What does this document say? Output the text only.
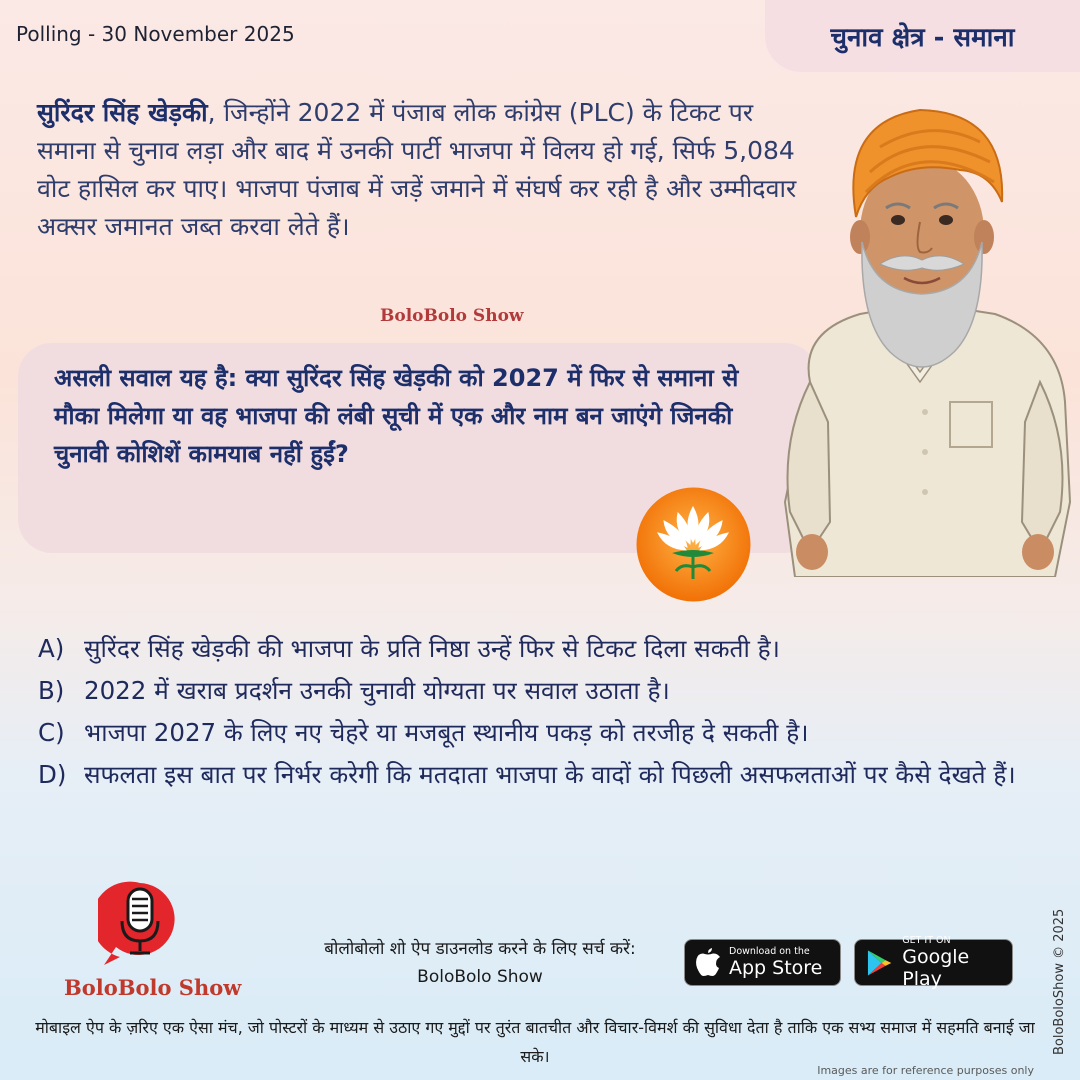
Polling - 30 November 2025	चुनाव क्षेत्र - समाना
सुरिंदर सिंह खेड़की, जिन्होंने 2022 में पंजाब लोक कांग्रेस (PLC) के टिकट पर समाना से चुनाव लड़ा और बाद में उनकी पार्टी भाजपा में विलय हो गई, सिर्फ 5,084 वोट हासिल कर पाए। भाजपा पंजाब में जड़ें जमाने में संघर्ष कर रही है और उम्मीदवार अक्सर जमानत जब्त करवा लेते हैं।
BoloBolo Show
असली सवाल यह है: क्या सुरिंदर सिंह खेड़की को 2027 में फिर से समाना से मौका मिलेगा या वह भाजपा की लंबी सूची में एक और नाम बन जाएंगे जिनकी चुनावी कोशिशें कामयाब नहीं हुईं?
A) सुरिंदर सिंह खेड़की की भाजपा के प्रति निष्ठा उन्हें फिर से टिकट दिला सकती है।
B) 2022 में खराब प्रदर्शन उनकी चुनावी योग्यता पर सवाल उठाता है।
C) भाजपा 2027 के लिए नए चेहरे या मजबूत स्थानीय पकड़ को तरजीह दे सकती है।
D) सफलता इस बात पर निर्भर करेगी कि मतदाता भाजपा के वादों को पिछली असफलताओं पर कैसे देखते हैं।
BoloBolo Show
बोलोबोलो शो ऐप डाउनलोड करने के लिए सर्च करें:
BoloBolo Show
Download on the
App Store
GET IT ON
Google Play
मोबाइल ऐप के ज़रिए एक ऐसा मंच, जो पोस्टरों के माध्यम से उठाए गए मुद्दों पर तुरंत बातचीत और विचार-विमर्श की सुविधा देता है ताकि एक सभ्य समाज में सहमति बनाई जा सके।
Images are for reference purposes only
BoloBoloShow © 2025
